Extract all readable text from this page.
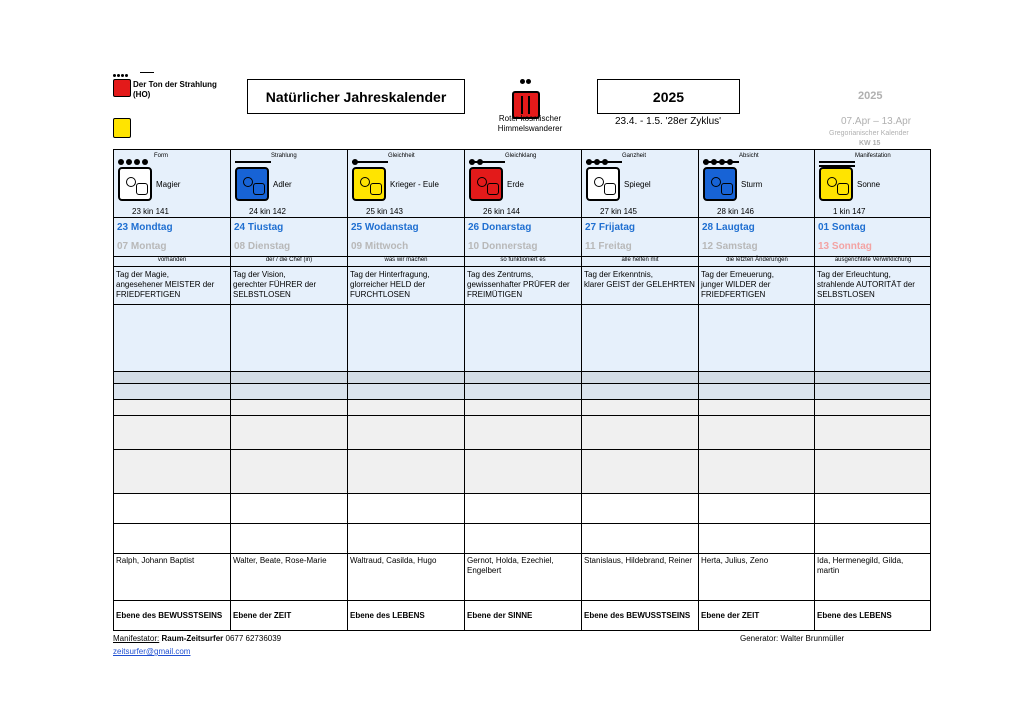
Der Ton der Strahlung
(HO)	Natürlicher Jahreskalender
Roter kosmischer
Himmelswanderer
2025
23.4. - 1.5. '28er Zyklus'
2025
07.Apr – 13.Apr
Gregorianischer Kalender
KW 15
Form
Magier
23 kin 141
23 Mondtag
07 Montag
vorhanden
Tag der Magie,
angesehener MEISTER der
FRIEDFERTIGEN
Ralph, Johann Baptist
Ebene des BEWUSSTSEINS
Strahlung
Adler
24 kin 142
24 Tiustag
08 Dienstag
der / die Chef (in)
Tag der Vision,
gerechter FÜHRER der
SELBSTLOSEN
Walter, Beate, Rose-Marie
Ebene der ZEIT
Gleichheit
Krieger - Eule
25 kin 143
25 Wodanstag
09 Mittwoch
was wir machen
Tag der Hinterfragung,
glorreicher HELD der
FURCHTLOSEN
Waltraud, Casilda, Hugo
Ebene des LEBENS
Gleichklang
Erde
26 kin 144
26 Donarstag
10 Donnerstag
so funktioniert es
Tag des Zentrums,
gewissenhafter PRÜFER der
FREIMÜTIGEN
Gernot, Holda, Ezechiel,
Engelbert
Ebene der SINNE
Ganzheit
Spiegel
27 kin 145
27 Frijatag
11 Freitag
alle helfen mit
Tag der Erkenntnis,
klarer GEIST der GELEHRTEN
Stanislaus, Hildebrand, Reiner
Ebene des BEWUSSTSEINS
Absicht
Sturm
28 kin 146
28 Laugtag
12 Samstag
die letzten Änderungen
Tag der Erneuerung,
junger WILDER der
FRIEDFERTIGEN
Herta, Julius, Zeno
Ebene der ZEIT
Manifestation
Sonne
1 kin 147
01 Sontag
13 Sonntag
ausgerichtete Verwirklichung
Tag der Erleuchtung,
strahlende AUTORITÄT der
SELBSTLOSEN
Ida, Hermenegild, Gilda,
martin
Ebene des LEBENS
Manifestator: Raum-Zeitsurfer 0677 62736039
zeitsurfer@gmail.com
Generator: Walter Brunmüller
